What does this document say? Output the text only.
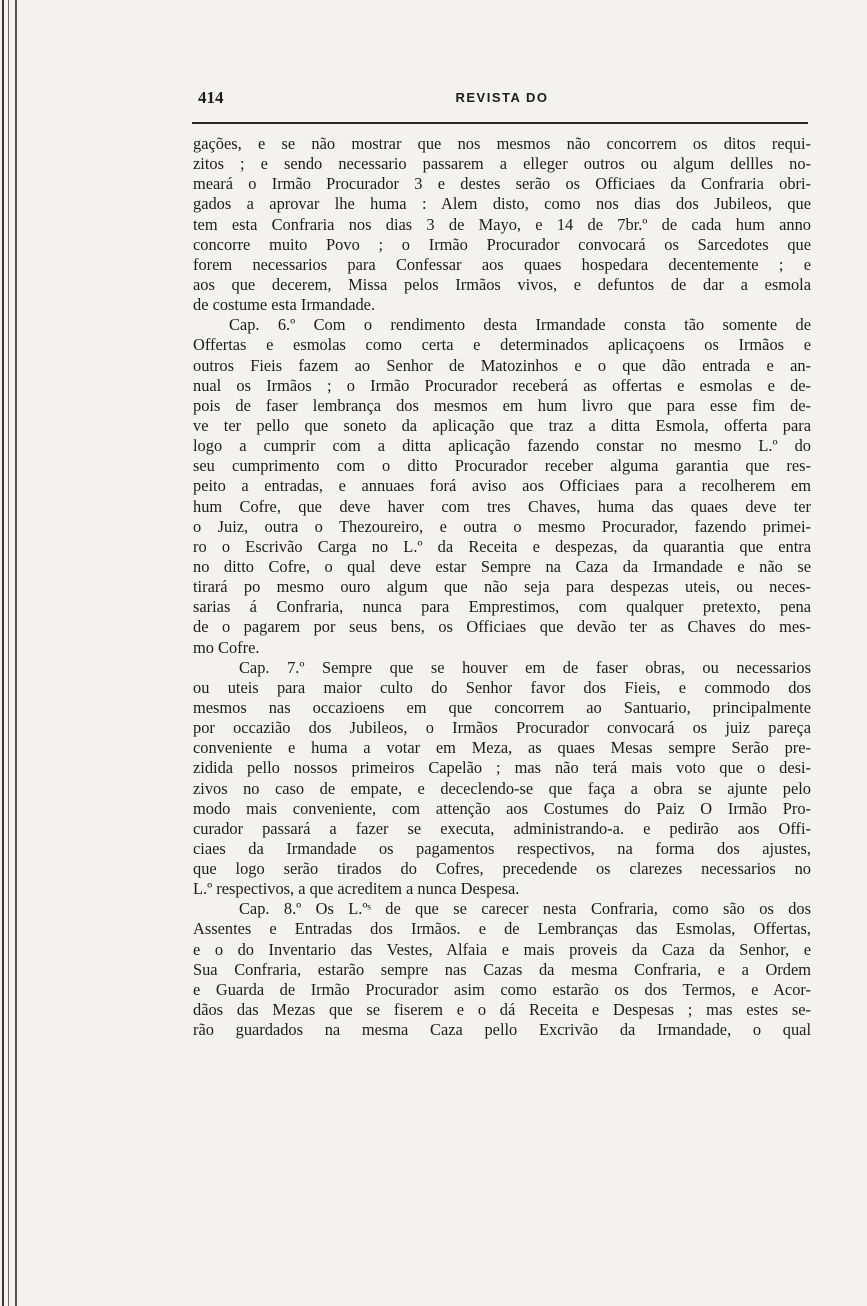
414	REVISTA DO
gações, e se não mostrar que nos mesmos não concorrem os ditos requi-
zitos ; e sendo necessario passarem a elleger outros ou algum dellles no-
meará o Irmão Procurador 3 e destes serão os Officiaes da Confraria obri-
gados a aprovar lhe huma : Alem disto, como nos dias dos Jubileos, que
tem esta Confraria nos dias 3 de Mayo, e 14 de 7br.º de cada hum anno
concorre muito Povo ; o Irmão Procurador convocará os Sarcedotes que
forem necessarios para Confessar aos quaes hospedara decentemente ; e
aos que decerem, Missa pelos Irmãos vivos, e defuntos de dar a esmola
de costume esta Irmandade.
Cap. 6.º Com o rendimento desta Irmandade consta tão somente de
Offertas e esmolas como certa e determinados aplicaçoens os Irmãos e
outros Fieis fazem ao Senhor de Matozinhos e o que dão entrada e an-
nual os Irmãos ; o Irmão Procurador receberá as offertas e esmolas e de-
pois de faser lembrança dos mesmos em hum livro que para esse fim de-
ve ter pello que soneto da aplicação que traz a ditta Esmola, offerta para
logo a cumprir com a ditta aplicação fazendo constar no mesmo L.º do
seu cumprimento com o ditto Procurador receber alguma garantia que res-
peito a entradas, e annuaes forá aviso aos Officiaes para a recolherem em
hum Cofre, que deve haver com tres Chaves, huma das quaes deve ter
o Juiz, outra o Thezoureiro, e outra o mesmo Procurador, fazendo primei-
ro o Escrivão Carga no L.º da Receita e despezas, da quarantia que entra
no ditto Cofre, o qual deve estar Sempre na Caza da Irmandade e não se
tirará po mesmo ouro algum que não seja para despezas uteis, ou neces-
sarias á Confraria, nunca para Emprestimos, com qualquer pretexto, pena
de o pagarem por seus bens, os Officiaes que devão ter as Chaves do mes-
mo Cofre.
Cap. 7.º Sempre que se houver em de faser obras, ou necessarios
ou uteis para maior culto do Senhor favor dos Fieis, e commodo dos
mesmos nas occazioens em que concorrem ao Santuario, principalmente
por occazião dos Jubileos, o Irmãos Procurador convocará os juiz pareça
conveniente e huma a votar em Meza, as quaes Mesas sempre Serão pre-
zidida pello nossos primeiros Capelão ; mas não terá mais voto que o desi-
zivos no caso de empate, e dececlendo-se que faça a obra se ajunte pelo
modo mais conveniente, com attenção aos Costumes do Paiz O Irmão Pro-
curador passará a fazer se executa, administrando-a. e pedirão aos Offi-
ciaes da Irmandade os pagamentos respectivos, na forma dos ajustes,
que logo serão tirados do Cofres, precedende os clarezes necessarios no
L.º respectivos, a que acreditem a nunca Despesa.
Cap. 8.º Os L.ºˢ de que se carecer nesta Confraria, como são os dos
Assentes e Entradas dos Irmãos. e de Lembranças das Esmolas, Offertas,
e o do Inventario das Vestes, Alfaia e mais proveis da Caza da Senhor, e
Sua Confraria, estarão sempre nas Cazas da mesma Confraria, e a Ordem
e Guarda de Irmão Procurador asim como estarão os dos Termos, e Acor-
dãos das Mezas que se fiserem e o dá Receita e Despesas ; mas estes se-
rão guardados na mesma Caza pello Excrivão da Irmandade, o qual
